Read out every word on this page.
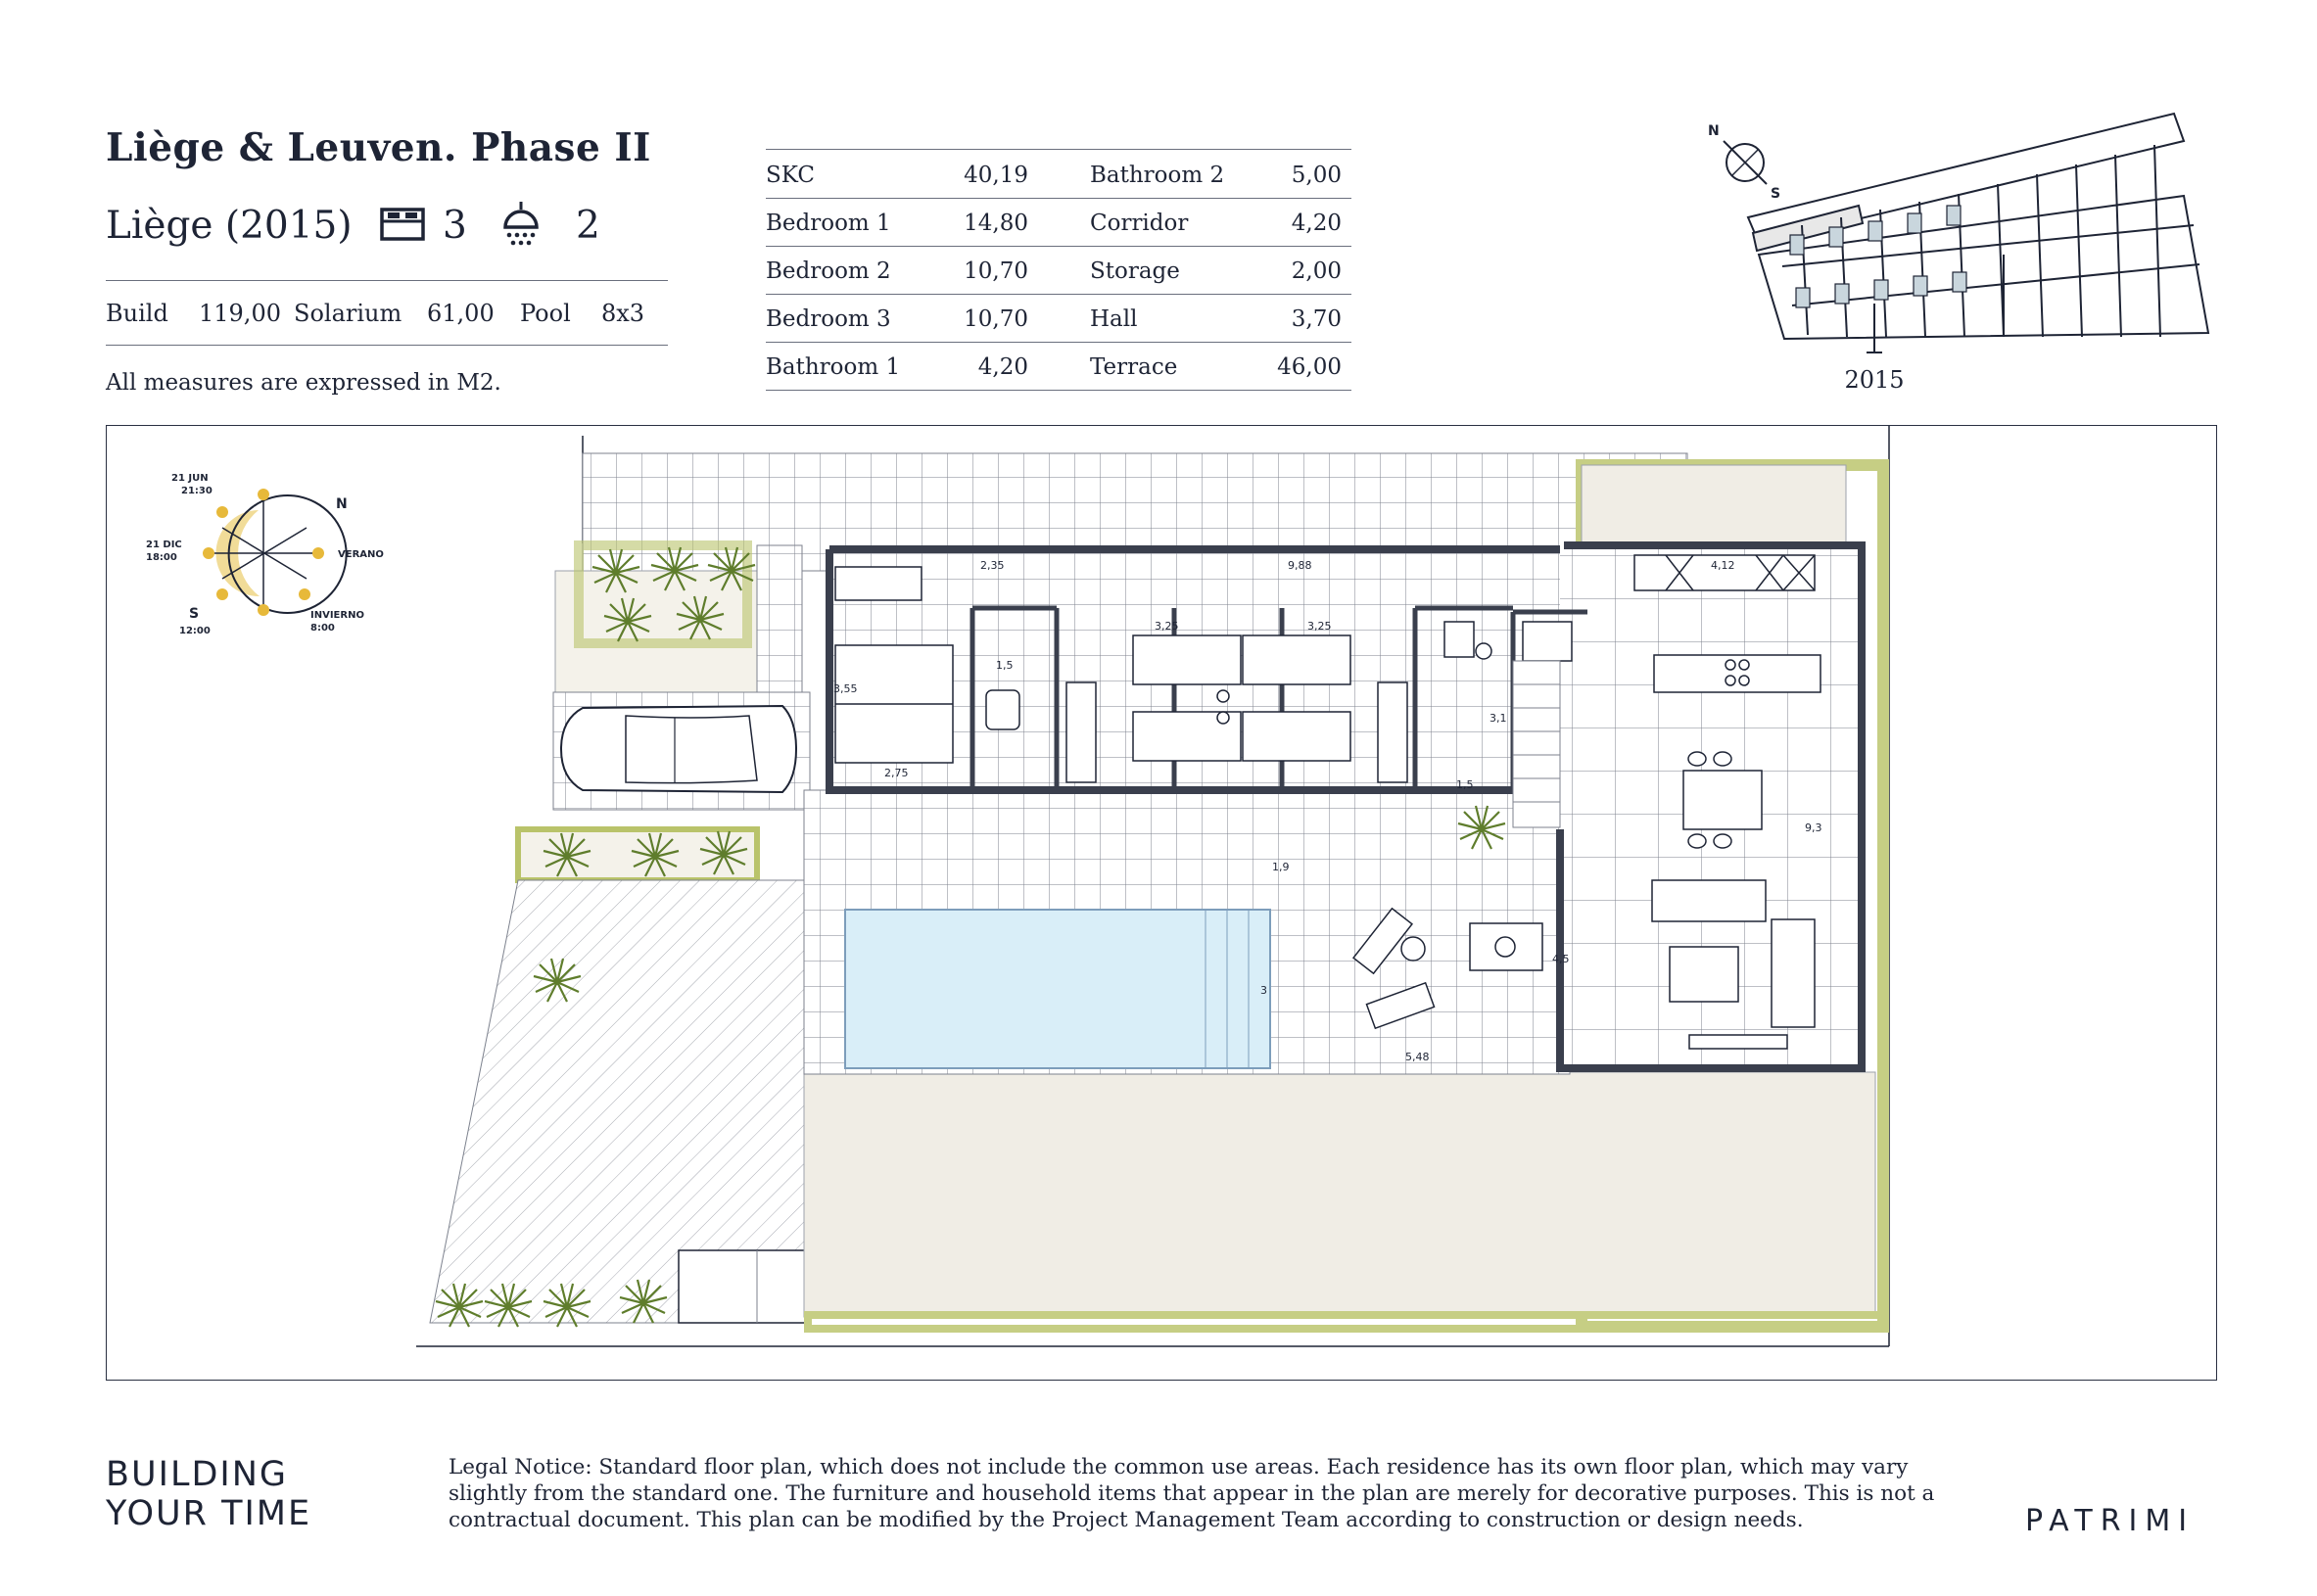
Liège & Leuven. Phase II
Liège (2015) 3	2
Build 119,00 Solarium 61,00 Pool 8x3
All measures are expressed in M2.
SKC	40,19	Bathroom 2	5,00
Bedroom 1	14,80	Corridor	4,20
Bedroom 2	10,70	Storage	2,00
Bedroom 3	10,70	Hall	3,70
Bathroom 1	4,20	Terrace	46,00
N
S
2015
N
S
21 JUN 21:30
21 DIC 18:00	VERANO
INVIERNO 8:00
12:00
2,35	9,88	4,12
3,25	3,25
1,5
3,55
2,75
1,5
3,1
9,3
1,9
3
5,48
4,5
BUILDING
YOUR TIME
Legal Notice: Standard floor plan, which does not include the common use areas. Each residence has its own floor plan, which may vary
slightly from the standard one. The furniture and household items that appear in the plan are merely for decorative purposes. This is not a
contractual document. This plan can be modified by the Project Management Team according to construction or design needs.	PATRIMI
